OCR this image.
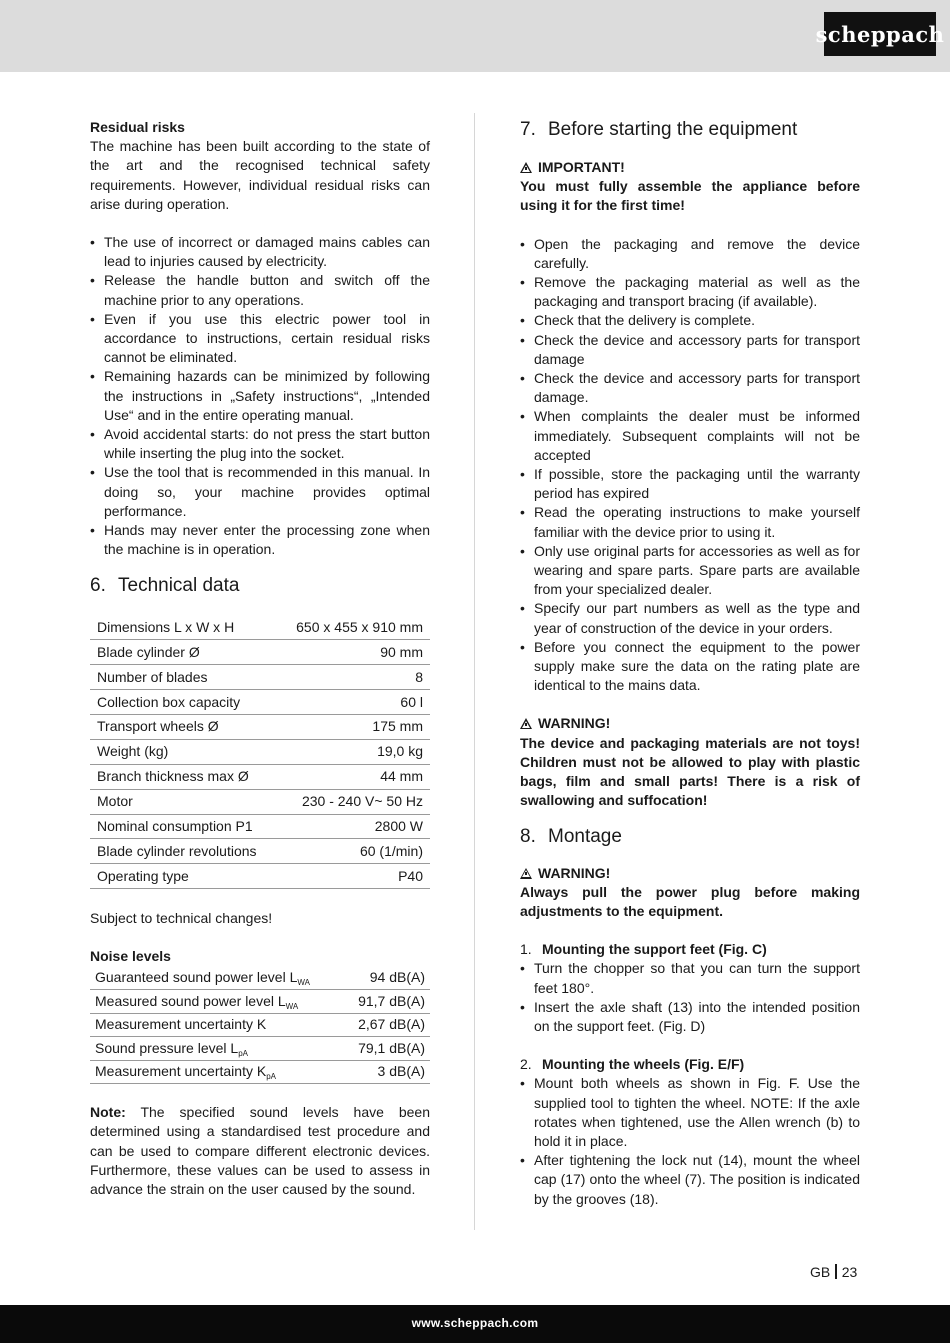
scheppach
Residual risks

The machine has been built according to the state of the art and the recognised technical safety requirements. However, individual residual risks can arise during operation.

• The use of incorrect or damaged mains cables can lead to injuries caused by electricity.
• Release the handle button and switch off the machine prior to any operations.
• Even if you use this electric power tool in accordance to instructions, certain residual risks cannot be eliminated.
• Remaining hazards can be minimized by following the instructions in „Safety instructions“, „Intended Use“ and in the entire operating manual.
• Avoid accidental starts: do not press the start button while inserting the plug into the socket.
• Use the tool that is recommended in this manual. In doing so, your machine provides optimal performance.
• Hands may never enter the processing zone when the machine is in operation.
6. Technical data
Dimensions L x W x H	650 x 455 x 910 mm
Blade cylinder Ø	90 mm
Number of blades	8
Collection box capacity	60 l
Transport wheels Ø	175 mm
Weight (kg)	19,0 kg
Branch thickness max Ø	44 mm
Motor	230 - 240 V~ 50 Hz
Nominal consumption P1	2800 W
Blade cylinder revolutions	60 (1/min)
Operating type	P40

Subject to technical changes!

Noise levels
Guaranteed sound power level $L_{WA}$	94 dB(A)
Measured sound power level $L_{WA}$	91,7 dB(A)
Measurement uncertainty K	2,67 dB(A)
Sound pressure level $L_{pA}$	79,1 dB(A)
Measurement uncertainty $K_{pA}$	3 dB(A)

Note: The specified sound levels have been determined using a standardised test procedure and can be used to compare different electronic devices. Furthermore, these values can be used to assess in advance the strain on the user caused by the sound.

7. Before starting the equipment
IMPORTANT!

You must fully assemble the appliance before using it for the first time!

• Open the packaging and remove the device carefully.
• Remove the packaging material as well as the packaging and transport bracing (if available).
• Check that the delivery is complete.
• Check the device and accessory parts for transport damage
• Check the device and accessory parts for transport damage.
• When complaints the dealer must be informed immediately. Subsequent complaints will not be accepted
• If possible, store the packaging until the warranty period has expired
• Read the operating instructions to make yourself familiar with the device prior to using it.
• Only use original parts for accessories as well as for wearing and spare parts. Spare parts are available from your specialized dealer.
• Specify our part numbers as well as the type and year of construction of the device in your orders.
• Before you connect the equipment to the power supply make sure the data on the rating plate are identical to the mains data.
WARNING!

The device and packaging materials are not toys! Children must not be allowed to play with plastic bags, film and small parts! There is a risk of swallowing and suffocation!

8. Montage
WARNING!

Always pull the power plug before making adjustments to the equipment.

1. Mounting the support feet (Fig. C)
• Turn the chopper so that you can turn the support feet 180°.
• Insert the axle shaft (13) into the intended position on the support feet. (Fig. D)
2. Mounting the wheels (Fig. E/F)
• Mount both wheels as shown in Fig. F. Use the supplied tool to tighten the wheel. NOTE: If the axle rotates when tightened, use the Allen wrench (b) to hold it in place.
• After tightening the lock nut (14), mount the wheel cap (17) onto the wheel (7). The position is indicated by the grooves (18).
GB 23
www.scheppach.com
